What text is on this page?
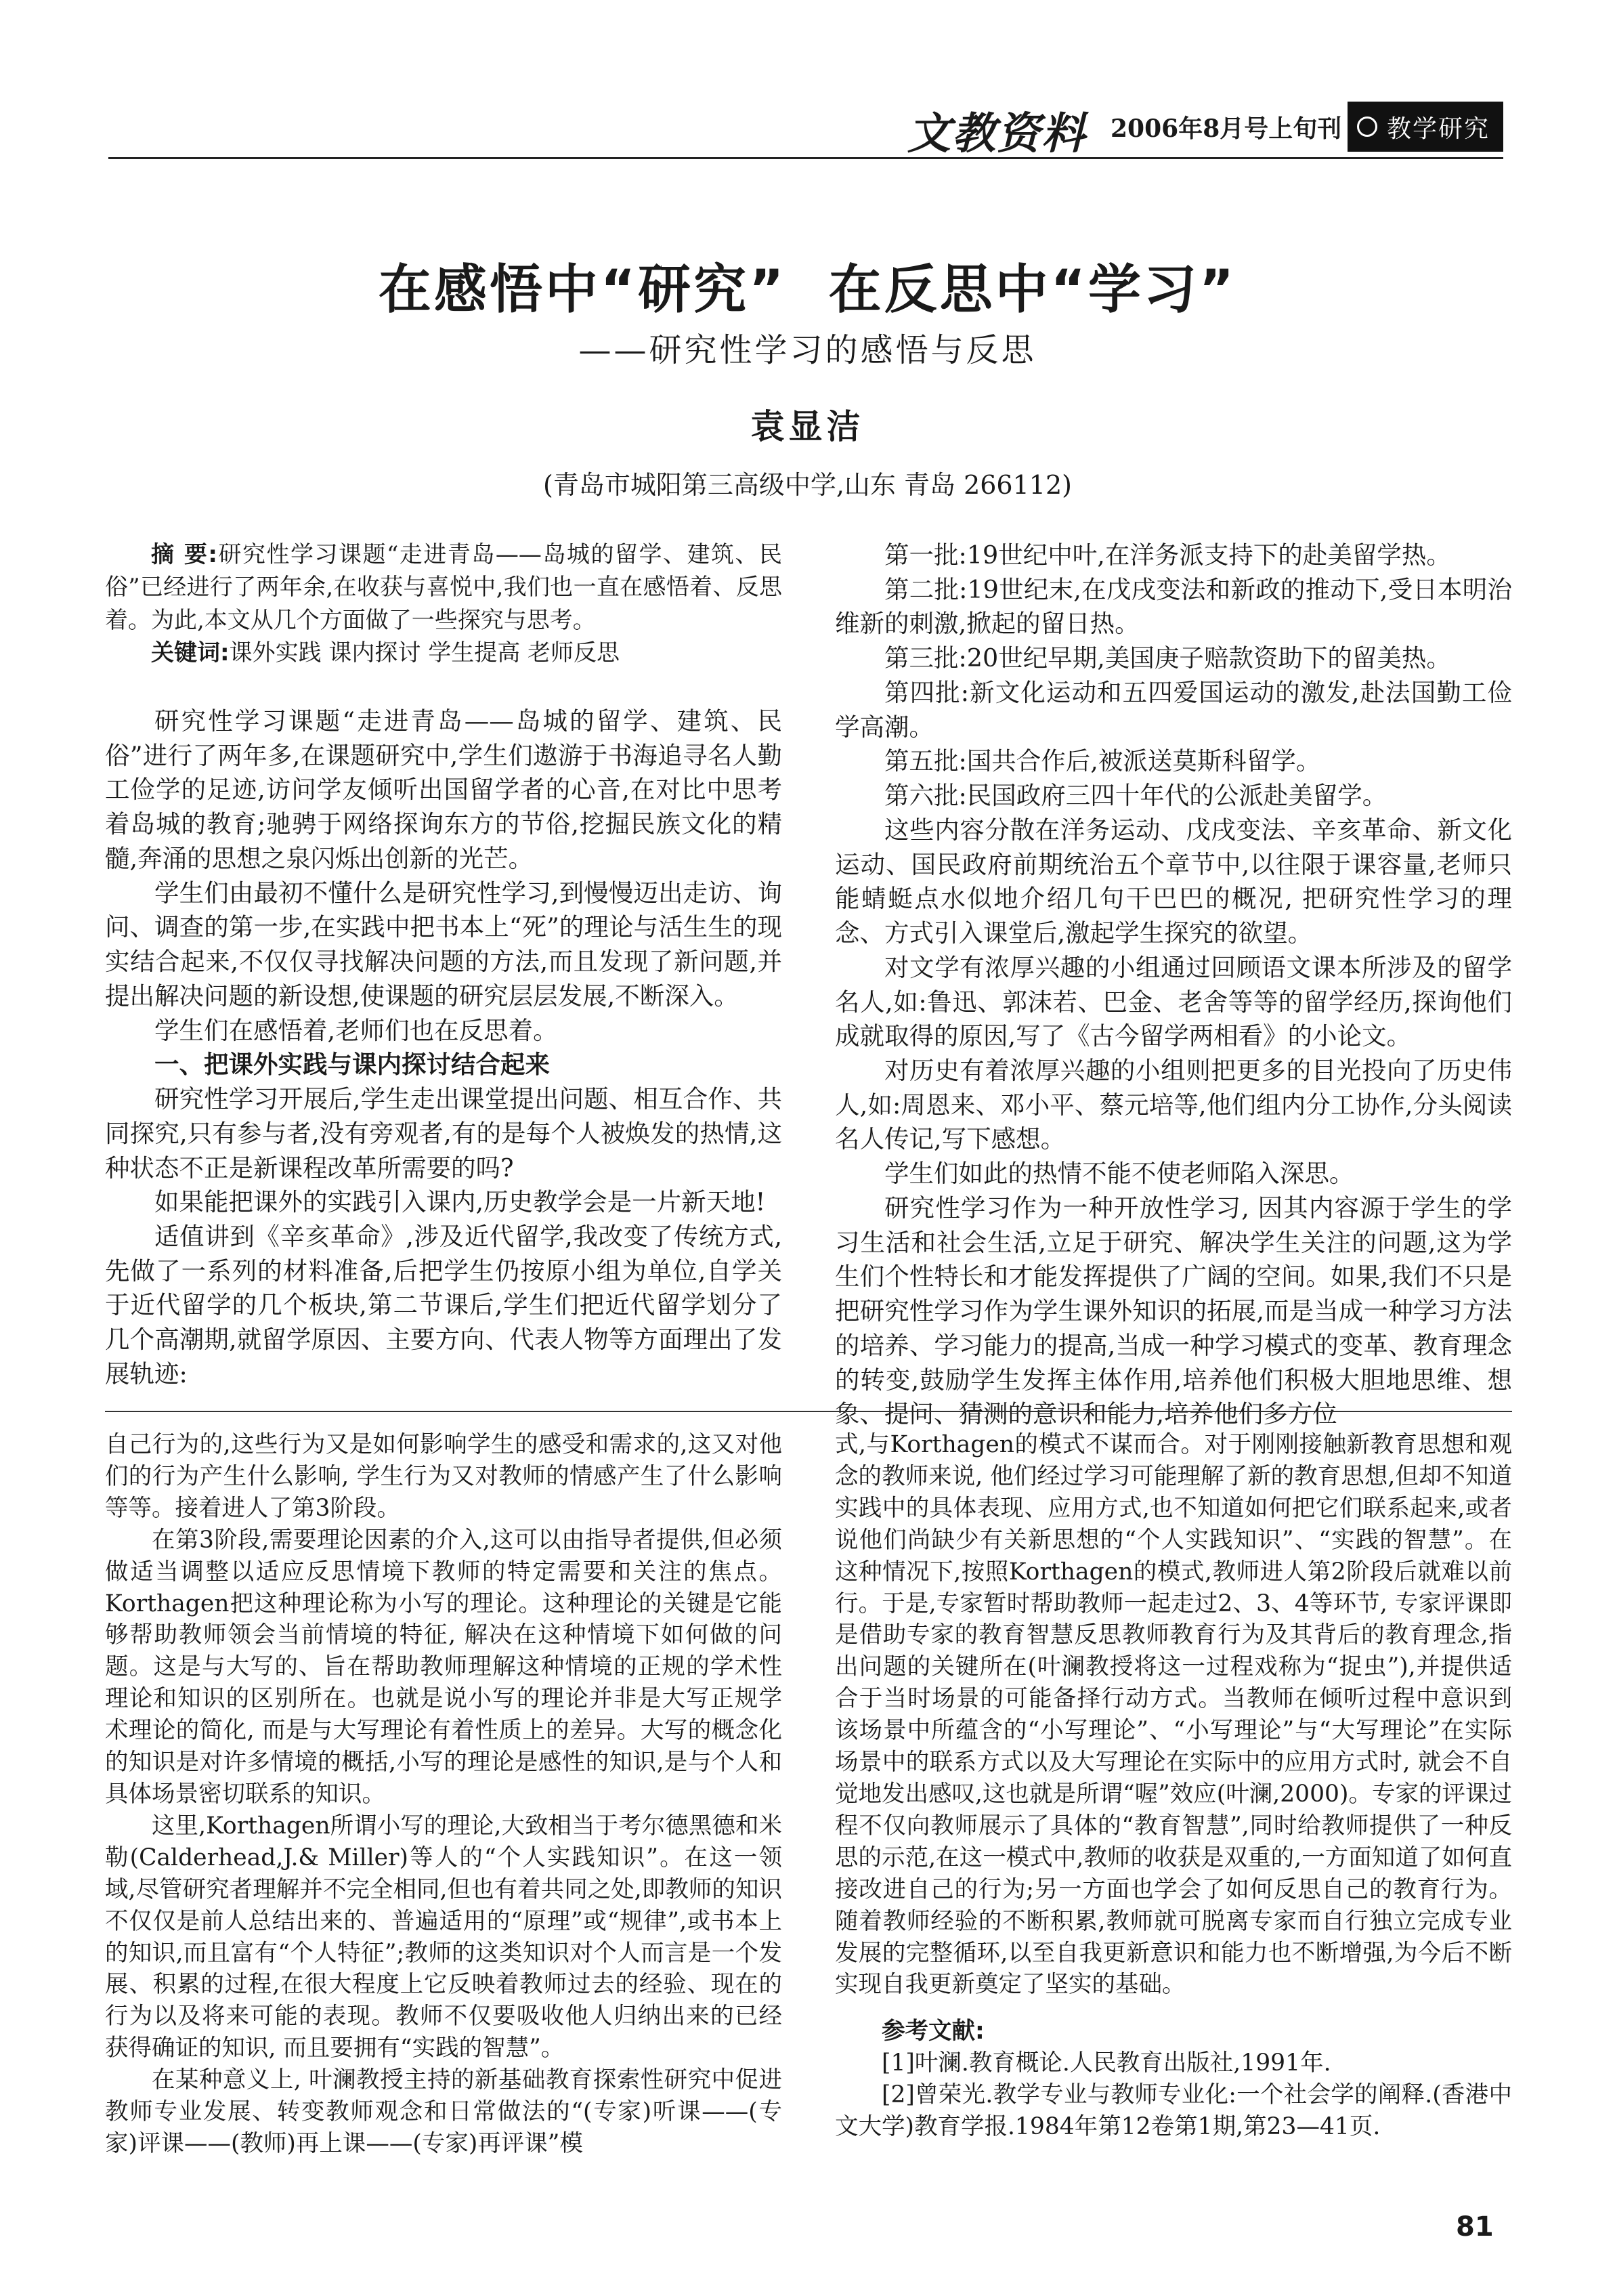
文教资料 2006年8月号上旬刊 教学研究
在感悟中“研究”  在反思中“学习”
——研究性学习的感悟与反思
袁显洁
(青岛市城阳第三高级中学,山东 青岛 266112)

摘 要:研究性学习课题“走进青岛——岛城的留学、建筑、民俗”已经进行了两年余,在收获与喜悦中,我们也一直在感悟着、反思着。为此,本文从几个方面做了一些探究与思考。

关键词:课外实践 课内探讨 学生提高 老师反思

研究性学习课题“走进青岛——岛城的留学、建筑、民俗”进行了两年多,在课题研究中,学生们遨游于书海追寻名人勤工俭学的足迹,访问学友倾听出国留学者的心音,在对比中思考着岛城的教育;驰骋于网络探询东方的节俗,挖掘民族文化的精髓,奔涌的思想之泉闪烁出创新的光芒。

学生们由最初不懂什么是研究性学习,到慢慢迈出走访、询问、调查的第一步,在实践中把书本上“死”的理论与活生生的现实结合起来,不仅仅寻找解决问题的方法,而且发现了新问题,并提出解决问题的新设想,使课题的研究层层发展,不断深入。

学生们在感悟着,老师们也在反思着。

一、把课外实践与课内探讨结合起来

研究性学习开展后,学生走出课堂提出问题、相互合作、共同探究,只有参与者,没有旁观者,有的是每个人被焕发的热情,这种状态不正是新课程改革所需要的吗?

如果能把课外的实践引入课内,历史教学会是一片新天地!

适值讲到《辛亥革命》,涉及近代留学,我改变了传统方式,先做了一系列的材料准备,后把学生仍按原小组为单位,自学关于近代留学的几个板块,第二节课后,学生们把近代留学划分了几个高潮期,就留学原因、主要方向、代表人物等方面理出了发展轨迹:

第一批:19世纪中叶,在洋务派支持下的赴美留学热。

第二批:19世纪末,在戊戌变法和新政的推动下,受日本明治维新的刺激,掀起的留日热。

第三批:20世纪早期,美国庚子赔款资助下的留美热。

第四批:新文化运动和五四爱国运动的激发,赴法国勤工俭学高潮。

第五批:国共合作后,被派送莫斯科留学。

第六批:民国政府三四十年代的公派赴美留学。

这些内容分散在洋务运动、戊戌变法、辛亥革命、新文化运动、国民政府前期统治五个章节中,以往限于课容量,老师只能蜻蜓点水似地介绍几句干巴巴的概况, 把研究性学习的理念、方式引入课堂后,激起学生探究的欲望。

对文学有浓厚兴趣的小组通过回顾语文课本所涉及的留学名人,如:鲁迅、郭沫若、巴金、老舍等等的留学经历,探询他们成就取得的原因,写了《古今留学两相看》的小论文。

对历史有着浓厚兴趣的小组则把更多的目光投向了历史伟人,如:周恩来、邓小平、蔡元培等,他们组内分工协作,分头阅读名人传记,写下感想。

学生们如此的热情不能不使老师陷入深思。

研究性学习作为一种开放性学习, 因其内容源于学生的学习生活和社会生活,立足于研究、解决学生关注的问题,这为学生们个性特长和才能发挥提供了广阔的空间。如果,我们不只是把研究性学习作为学生课外知识的拓展,而是当成一种学习方法的培养、学习能力的提高,当成一种学习模式的变革、教育理念的转变,鼓励学生发挥主体作用,培养他们积极大胆地思维、想象、提问、猜测的意识和能力,培养他们多方位

自己行为的,这些行为又是如何影响学生的感受和需求的,这又对他们的行为产生什么影响, 学生行为又对教师的情感产生了什么影响等等。接着进人了第3阶段。

在第3阶段,需要理论因素的介入,这可以由指导者提供,但必须做适当调整以适应反思情境下教师的特定需要和关注的焦点。Korthagen把这种理论称为小写的理论。这种理论的关键是它能够帮助教师领会当前情境的特征, 解决在这种情境下如何做的问题。这是与大写的、旨在帮助教师理解这种情境的正规的学术性理论和知识的区别所在。也就是说小写的理论并非是大写正规学术理论的简化, 而是与大写理论有着性质上的差异。大写的概念化的知识是对许多情境的概括,小写的理论是感性的知识,是与个人和具体场景密切联系的知识。

这里,Korthagen所谓小写的理论,大致相当于考尔德黑德和米勒(Calderhead,J.& Miller)等人的“个人实践知识”。在这一领域,尽管研究者理解并不完全相同,但也有着共同之处,即教师的知识不仅仅是前人总结出来的、普遍适用的“原理”或“规律”,或书本上的知识,而且富有“个人特征”;教师的这类知识对个人而言是一个发展、积累的过程,在很大程度上它反映着教师过去的经验、现在的行为以及将来可能的表现。教师不仅要吸收他人归纳出来的已经获得确证的知识, 而且要拥有“实践的智慧”。

在某种意义上, 叶澜教授主持的新基础教育探索性研究中促进教师专业发展、转变教师观念和日常做法的“(专家)听课——(专家)评课——(教师)再上课——(专家)再评课”模

式,与Korthagen的模式不谋而合。对于刚刚接触新教育思想和观念的教师来说, 他们经过学习可能理解了新的教育思想,但却不知道实践中的具体表现、应用方式,也不知道如何把它们联系起来,或者说他们尚缺少有关新思想的“个人实践知识”、“实践的智慧”。在这种情况下,按照Korthagen的模式,教师进人第2阶段后就难以前行。于是,专家暂时帮助教师一起走过2、3、4等环节, 专家评课即是借助专家的教育智慧反思教师教育行为及其背后的教育理念,指出问题的关键所在(叶澜教授将这一过程戏称为“捉虫”),并提供适合于当时场景的可能备择行动方式。当教师在倾听过程中意识到该场景中所蕴含的“小写理论”、“小写理论”与“大写理论”在实际场景中的联系方式以及大写理论在实际中的应用方式时, 就会不自觉地发出感叹,这也就是所谓“喔”效应(叶澜,2000)。专家的评课过程不仅向教师展示了具体的“教育智慧”,同时给教师提供了一种反思的示范,在这一模式中,教师的收获是双重的,一方面知道了如何直接改进自己的行为;另一方面也学会了如何反思自己的教育行为。随着教师经验的不断积累,教师就可脱离专家而自行独立完成专业发展的完整循环,以至自我更新意识和能力也不断增强,为今后不断实现自我更新奠定了坚实的基础。

参考文献:

[1]叶澜.教育概论.人民教育出版社,1991年.

[2]曾荣光.教学专业与教师专业化:一个社会学的阐释.(香港中文大学)教育学报.1984年第12卷第1期,第23—41页.

81
